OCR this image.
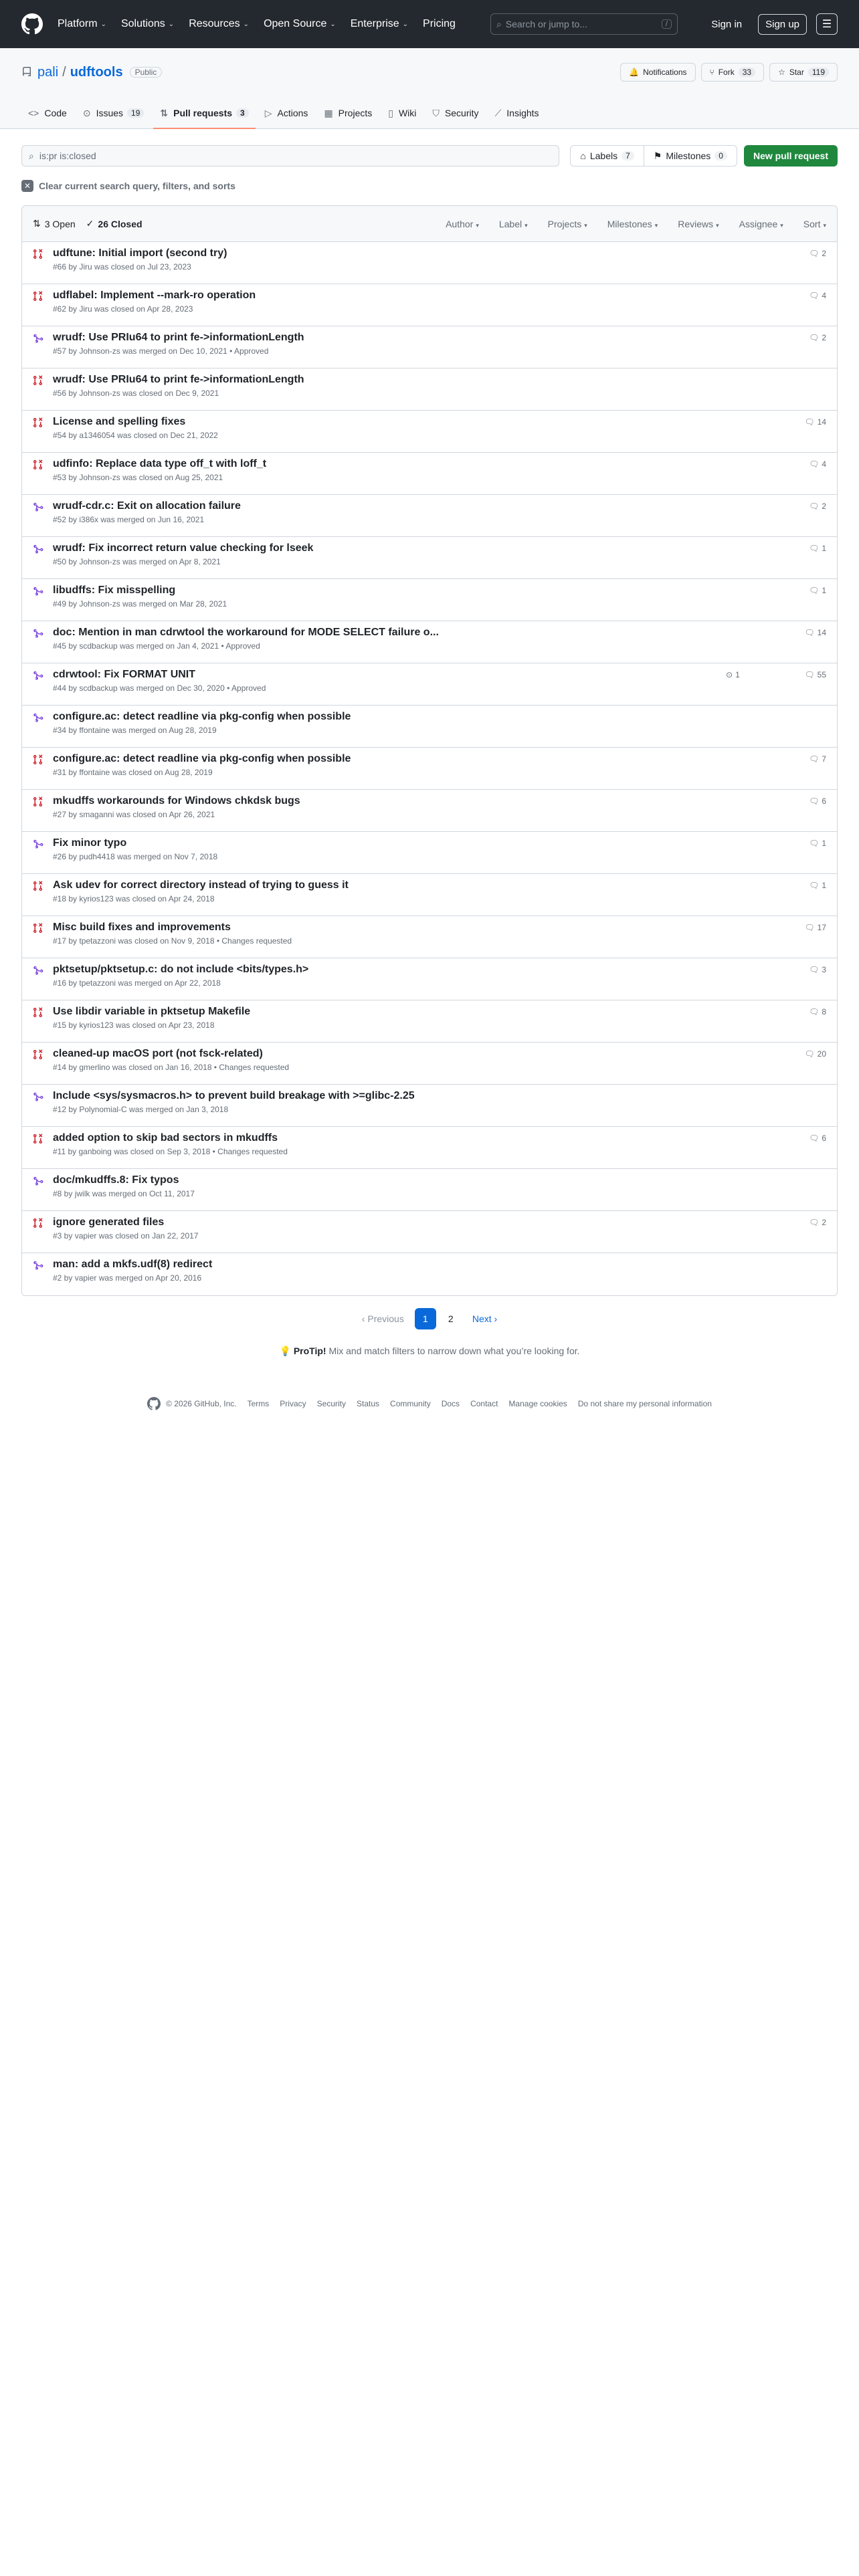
Platform ⌄ Solutions ⌄ Resources ⌄ Open Source ⌄ Enterprise ⌄ Pricing	⌕ Search or jump to...	/	Sign in	Sign up	☰
pali / udftools	Public	🔔 Notifications	⑂ Fork	33	☆ Star	119
<> Code ⊙ Issues	19	⇅ Pull requests	3	▷ Actions ▦ Projects ▯ Wiki ⛉ Security ⟋ Insights
⌕ is:pr is:closed	⌂ Labels	7	⚑ Milestones	0	New pull request
✕ Clear current search query, filters, and sorts
⇅ 3 Open ✓ 26 Closed	Author ▾ Label ▾ Projects ▾ Milestones ▾ Reviews ▾ Assignee ▾ Sort ▾
udftune: Initial import (second try)
#66 by Jiru was closed on Jul 23, 2023
🗨 2
udflabel: Implement --mark-ro operation
#62 by Jiru was closed on Apr 28, 2023
🗨 4
wrudf: Use PRIu64 to print fe->informationLength
#57 by Johnson-zs was merged on Dec 10, 2021 • Approved
🗨 2
wrudf: Use PRIu64 to print fe->informationLength
#56 by Johnson-zs was closed on Dec 9, 2021
License and spelling fixes
#54 by a1346054 was closed on Dec 21, 2022
🗨 14
udfinfo: Replace data type off_t with loff_t
#53 by Johnson-zs was closed on Aug 25, 2021
🗨 4
wrudf-cdr.c: Exit on allocation failure
#52 by i386x was merged on Jun 16, 2021
🗨 2
wrudf: Fix incorrect return value checking for lseek
#50 by Johnson-zs was merged on Apr 8, 2021
🗨 1
libudffs: Fix misspelling
#49 by Johnson-zs was merged on Mar 28, 2021
🗨 1
doc: Mention in man cdrwtool the workaround for MODE SELECT failure o...
#45 by scdbackup was merged on Jan 4, 2021 • Approved
🗨 14
cdrwtool: Fix FORMAT UNIT
#44 by scdbackup was merged on Dec 30, 2020 • Approved
⊙ 1	🗨 55
configure.ac: detect readline via pkg-config when possible
#34 by ffontaine was merged on Aug 28, 2019
configure.ac: detect readline via pkg-config when possible
#31 by ffontaine was closed on Aug 28, 2019
🗨 7
mkudffs workarounds for Windows chkdsk bugs
#27 by smaganni was closed on Apr 26, 2021
🗨 6
Fix minor typo
#26 by pudh4418 was merged on Nov 7, 2018
🗨 1
Ask udev for correct directory instead of trying to guess it
#18 by kyrios123 was closed on Apr 24, 2018
🗨 1
Misc build fixes and improvements
#17 by tpetazzoni was closed on Nov 9, 2018 • Changes requested
🗨 17
pktsetup/pktsetup.c: do not include <bits/types.h>
#16 by tpetazzoni was merged on Apr 22, 2018
🗨 3
Use libdir variable in pktsetup Makefile
#15 by kyrios123 was closed on Apr 23, 2018
🗨 8
cleaned-up macOS port (not fsck-related)
#14 by gmerlino was closed on Jan 16, 2018 • Changes requested
🗨 20
Include <sys/sysmacros.h> to prevent build breakage with >=glibc-2.25
#12 by Polynomial-C was merged on Jan 3, 2018
added option to skip bad sectors in mkudffs
#11 by ganboing was closed on Sep 3, 2018 • Changes requested
🗨 6
doc/mkudffs.8: Fix typos
#8 by jwilk was merged on Oct 11, 2017
ignore generated files
#3 by vapier was closed on Jan 22, 2017
🗨 2
man: add a mkfs.udf(8) redirect
#2 by vapier was merged on Apr 20, 2016
‹ Previous	1	2	Next ›
💡 ProTip! Mix and match filters to narrow down what you’re looking for.
© 2026 GitHub, Inc. Terms Privacy Security Status Community Docs Contact Manage cookies Do not share my personal information
